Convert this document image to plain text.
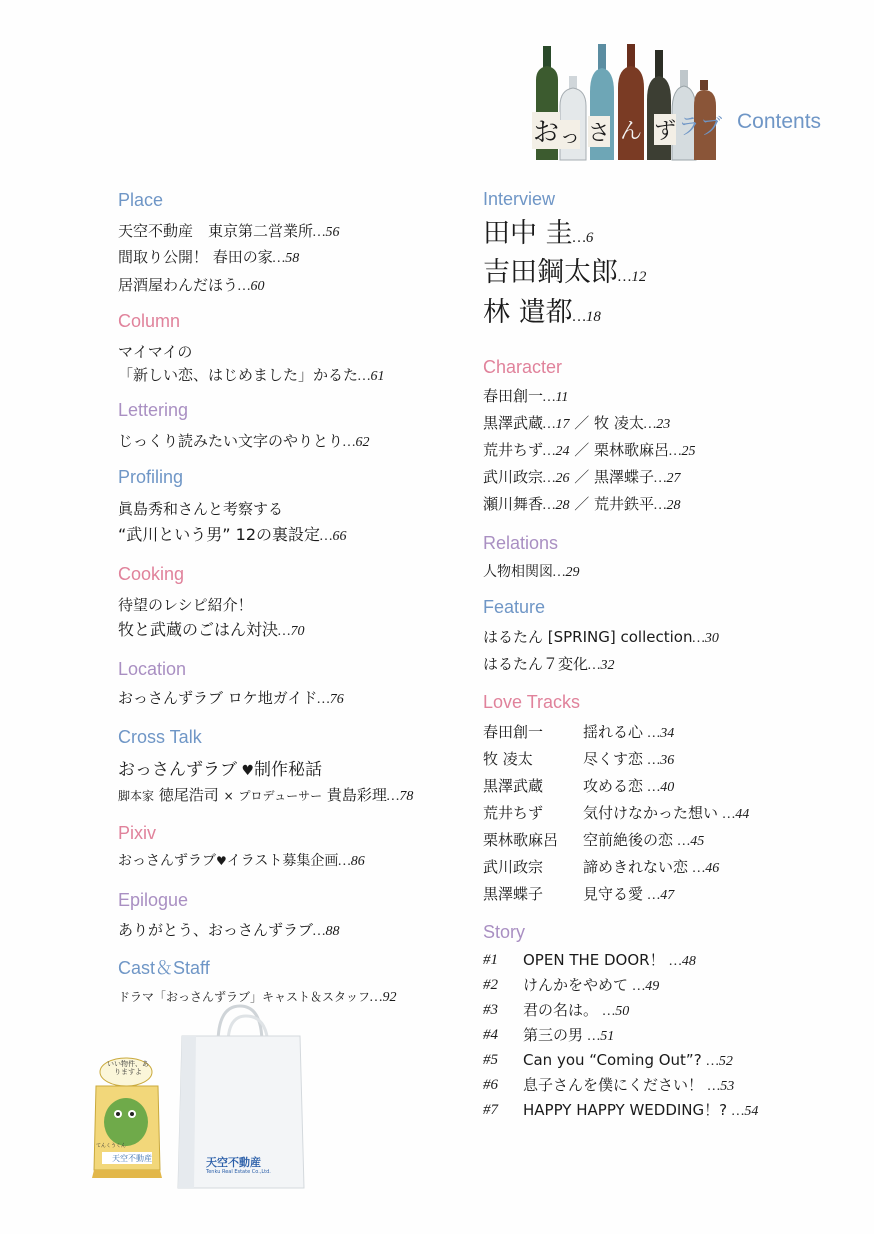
お っ さ ん ず ラ ブ Contents
Place
天空不動産　東京第二営業所…56
間取り公開！ 春田の家…58
居酒屋わんだほう…60
Column
マイマイの
「新しい恋、はじめました」かるた…61
Lettering
じっくり読みたい文字のやりとり…62
Profiling
眞島秀和さんと考察する
“武川という男” 12の裏設定…66
Cooking
待望のレシピ紹介！
牧と武蔵のごはん対決…70
Location
おっさんずラブ ロケ地ガイド…76
Cross Talk
おっさんずラブ ♥制作秘話
脚本家 徳尾浩司 × プロデューサー 貴島彩理…78
Pixiv
おっさんずラブ♥イラスト募集企画…86
Epilogue
ありがとう、おっさんずラブ…88
Cast＆Staff
ドラマ「おっさんずラブ」キャスト＆スタッフ…92
Interview
田中 圭…6
吉田鋼太郎…12
林 遣都…18
Character
春田創一…11
黒澤武蔵…17 ／ 牧 凌太…23
荒井ちず…24 ／ 栗林歌麻呂…25
武川政宗…26 ／ 黒澤蝶子…27
瀬川舞香…28 ／ 荒井鉄平…28
Relations
人物相関図…29
Feature
はるたん [SPRING] collection…30
はるたん７変化…32
Love Tracks
春田創一	揺れる心 …34
牧 凌太	尽くす恋 …36
黒澤武蔵	攻める恋 …40
荒井ちず	気付けなかった想い …44
栗林歌麻呂 空前絶後の恋 …45
武川政宗	諦めきれない恋 …46
黒澤蝶子	見守る愛 …47
Story
#1 OPEN THE DOOR！ …48
#2 けんかをやめて …49
#3 君の名は。 …50
#4 第三の男 …51
#5 Can you “Coming Out”? …52
#6 息子さんを僕にください！ …53
#7 HAPPY HAPPY WEDDING！? …54
いい物件、ありますよ
てんくうくん
天空不動産	天空不動産
Tenku Real Estate Co.,Ltd.
